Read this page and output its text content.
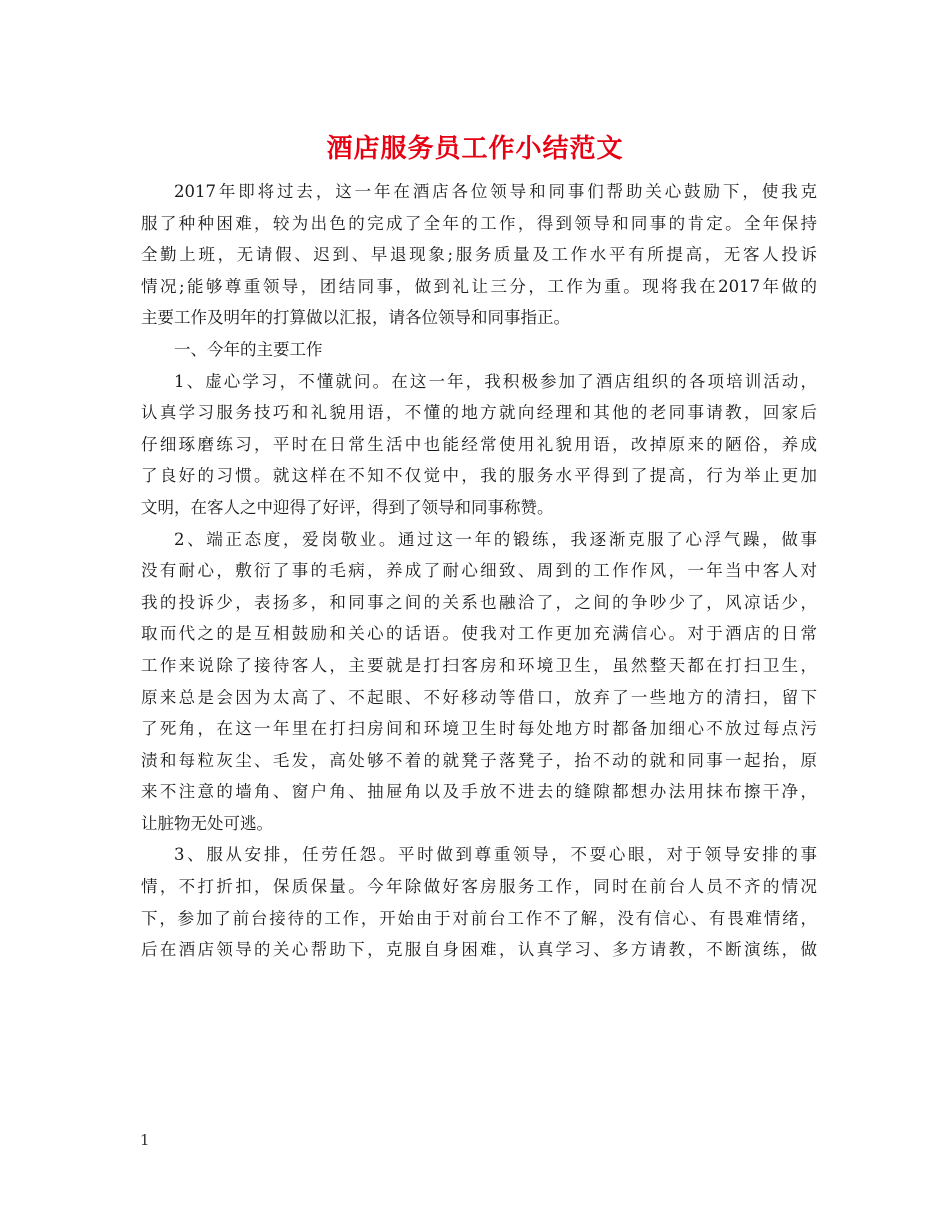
酒店服务员工作小结范文

2017年即将过去，这一年在酒店各位领导和同事们帮助关心鼓励下，使我克

服了种种困难，较为出色的完成了全年的工作，得到领导和同事的肯定。全年保持

全勤上班，无请假、迟到、早退现象;服务质量及工作水平有所提高，无客人投诉

情况;能够尊重领导，团结同事，做到礼让三分，工作为重。现将我在2017年做的

主要工作及明年的打算做以汇报，请各位领导和同事指正。

一、今年的主要工作

1、虚心学习，不懂就问。在这一年，我积极参加了酒店组织的各项培训活动，

认真学习服务技巧和礼貌用语，不懂的地方就向经理和其他的老同事请教，回家后

仔细琢磨练习，平时在日常生活中也能经常使用礼貌用语，改掉原来的陋俗，养成

了良好的习惯。就这样在不知不仅觉中，我的服务水平得到了提高，行为举止更加

文明，在客人之中迎得了好评，得到了领导和同事称赞。

2、端正态度，爱岗敬业。通过这一年的锻练，我逐渐克服了心浮气躁，做事

没有耐心，敷衍了事的毛病，养成了耐心细致、周到的工作作风，一年当中客人对

我的投诉少，表扬多，和同事之间的关系也融洽了，之间的争吵少了，风凉话少，

取而代之的是互相鼓励和关心的话语。使我对工作更加充满信心。对于酒店的日常

工作来说除了接待客人，主要就是打扫客房和环境卫生，虽然整天都在打扫卫生，

原来总是会因为太高了、不起眼、不好移动等借口，放弃了一些地方的清扫，留下

了死角，在这一年里在打扫房间和环境卫生时每处地方时都备加细心不放过每点污

渍和每粒灰尘、毛发，高处够不着的就凳子落凳子，抬不动的就和同事一起抬，原

来不注意的墙角、窗户角、抽屉角以及手放不进去的缝隙都想办法用抹布擦干净，

让脏物无处可逃。

3、服从安排，任劳任怨。平时做到尊重领导，不耍心眼，对于领导安排的事

情，不打折扣，保质保量。今年除做好客房服务工作，同时在前台人员不齐的情况

下，参加了前台接待的工作，开始由于对前台工作不了解，没有信心、有畏难情绪，

后在酒店领导的关心帮助下，克服自身困难，认真学习、多方请教，不断演练，做

1
